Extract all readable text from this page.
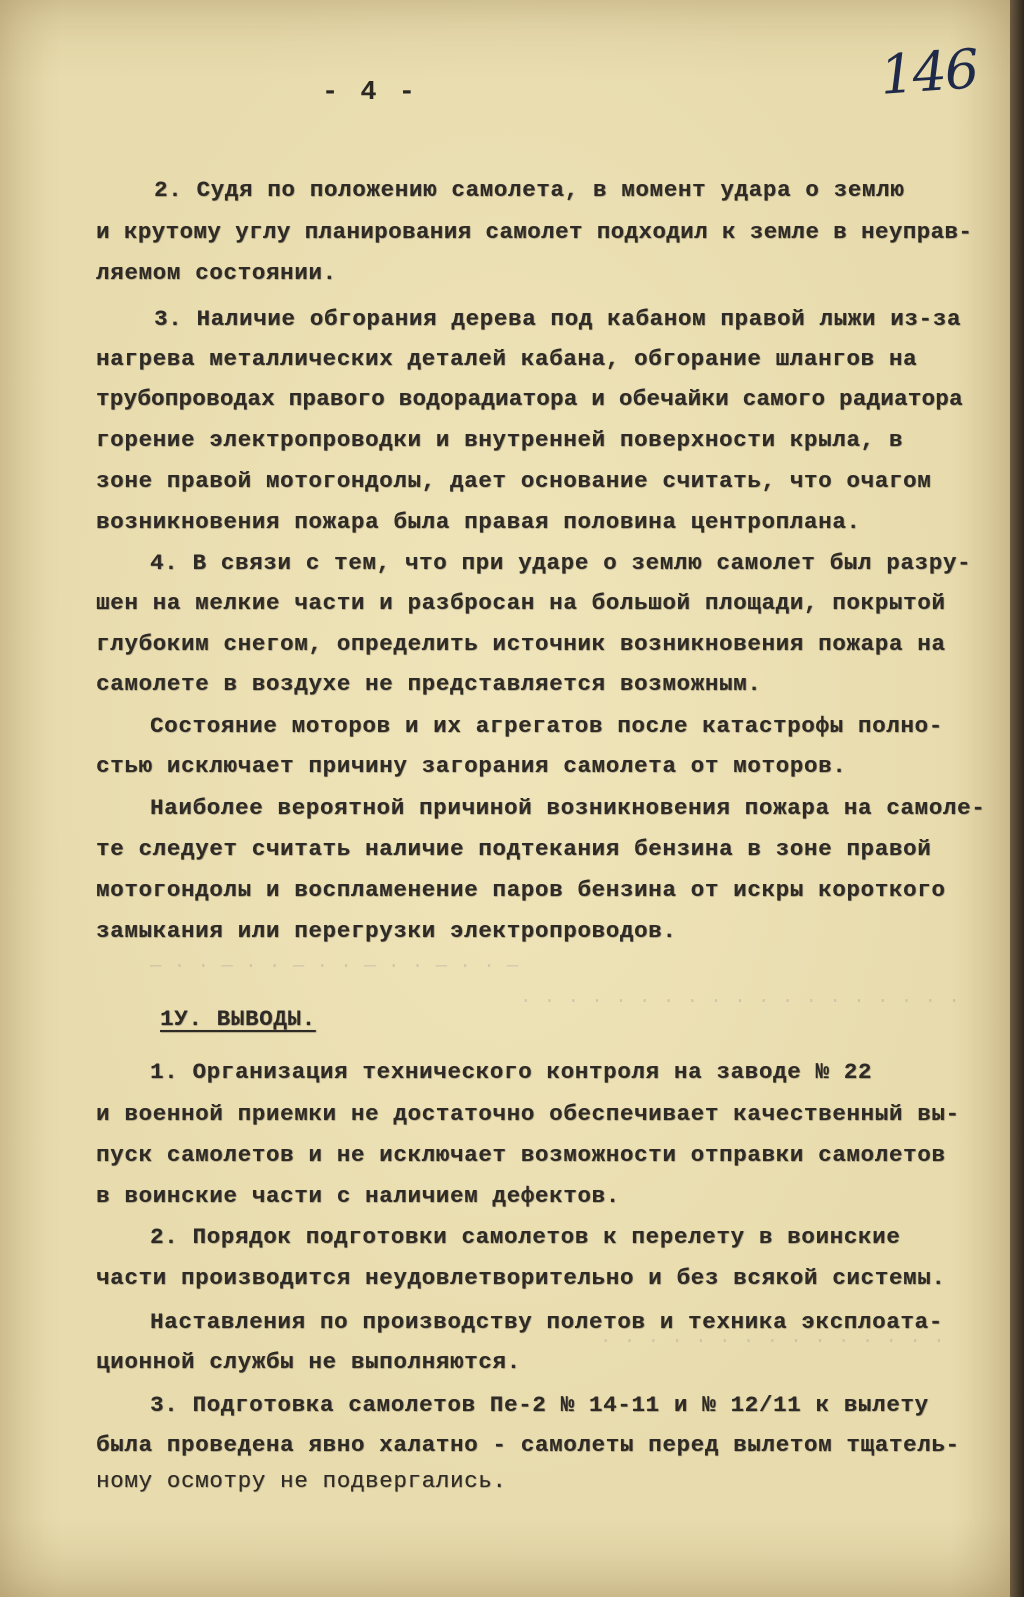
— · · — · · — · · — · · — · · —
· · · · · · · · · · · · · · · · · · ·
· · · · · · · · · · · · · · ·
- 4 -	146
2. Судя по положению самолета, в момент удара о землю
и крутому углу планирования самолет подходил к земле в неуправ-
ляемом состоянии.
3. Наличие обгорания дерева под кабаном правой лыжи из-за
нагрева металлических деталей кабана, обгорание шлангов на
трубопроводах правого водорадиатора и обечайки самого радиатора
горение электропроводки и внутренней поверхности крыла, в
зоне правой мотогондолы, дает основание считать, что очагом
возникновения пожара была правая половина центроплана.
4. В связи с тем, что при ударе о землю самолет был разру-
шен на мелкие части и разбросан на большой площади, покрытой
глубоким снегом, определить источник возникновения пожара на
самолете в воздухе не представляется возможным.
Состояние моторов и их агрегатов после катастрофы полно-
стью исключает причину загорания самолета от моторов.
Наиболее вероятной причиной возникновения пожара на самоле-
те следует считать наличие подтекания бензина в зоне правой
мотогондолы и воспламенение паров бензина от искры короткого
замыкания или перегрузки электропроводов.
1У. ВЫВОДЫ.
1. Организация технического контроля на заводе № 22
и военной приемки не достаточно обеспечивает качественный вы-
пуск самолетов и не исключает возможности отправки самолетов
в воинские части с наличием дефектов.
2. Порядок подготовки самолетов к перелету в воинские
части производится неудовлетворительно и без всякой системы.
Наставления по производству полетов и техника эксплоата-
ционной службы не выполняются.
3. Подготовка самолетов Пе-2 № 14-11 и № 12/11 к вылету
была проведена явно халатно - самолеты перед вылетом тщатель-
ному осмотру не подвергались.
